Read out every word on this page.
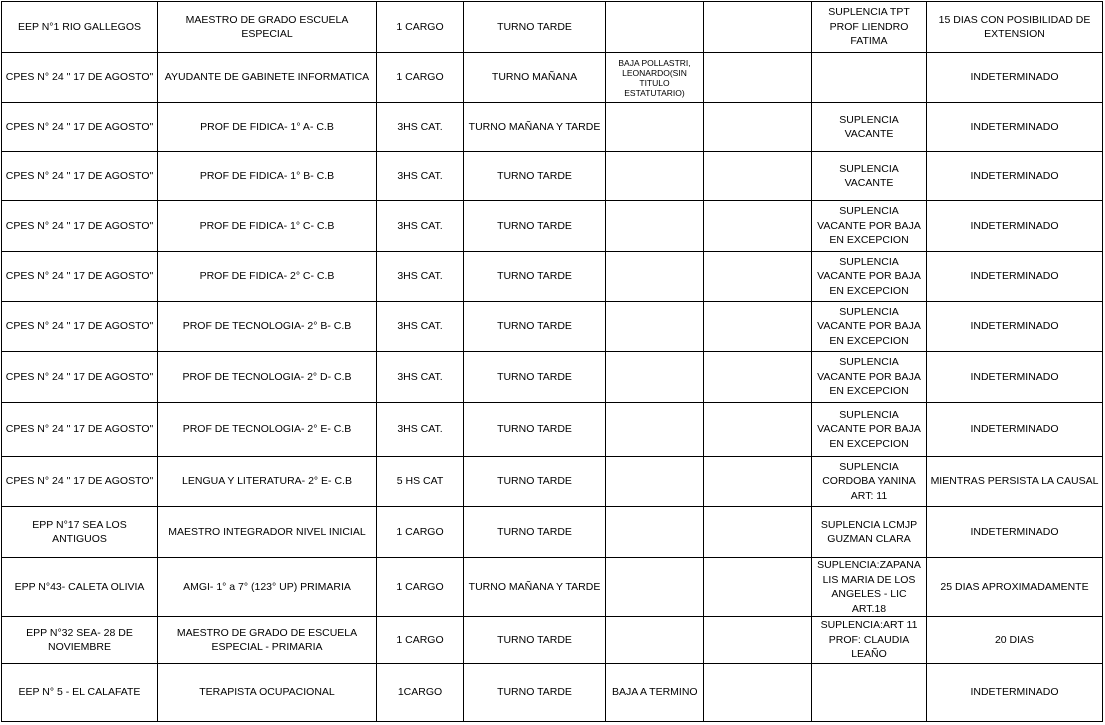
EEP N°1 RIO GALLEGOS	MAESTRO DE GRADO ESCUELA ESPECIAL	1 CARGO	TURNO TARDE			SUPLENCIA TPT PROF LIENDRO FATIMA	15 DIAS CON POSIBILIDAD DE EXTENSION
CPES N° 24 " 17 DE AGOSTO"	AYUDANTE DE GABINETE INFORMATICA	1 CARGO	TURNO MAÑANA	BAJA POLLASTRI, LEONARDO(SIN TITULO ESTATUTARIO)			INDETERMINADO
CPES N° 24 " 17 DE AGOSTO"	PROF DE FIDICA- 1° A- C.B	3HS CAT.	TURNO MAÑANA Y TARDE			SUPLENCIA VACANTE	INDETERMINADO
CPES N° 24 " 17 DE AGOSTO"	PROF DE FIDICA- 1° B- C.B	3HS CAT.	TURNO TARDE			SUPLENCIA VACANTE	INDETERMINADO
CPES N° 24 " 17 DE AGOSTO"	PROF DE FIDICA- 1° C- C.B	3HS CAT.	TURNO TARDE			SUPLENCIA VACANTE POR BAJA EN EXCEPCION	INDETERMINADO
CPES N° 24 " 17 DE AGOSTO"	PROF DE FIDICA- 2° C- C.B	3HS CAT.	TURNO TARDE			SUPLENCIA VACANTE POR BAJA EN EXCEPCION	INDETERMINADO
CPES N° 24 " 17 DE AGOSTO"	PROF DE TECNOLOGIA- 2° B- C.B	3HS CAT.	TURNO TARDE			SUPLENCIA VACANTE POR BAJA EN EXCEPCION	INDETERMINADO
CPES N° 24 " 17 DE AGOSTO"	PROF DE TECNOLOGIA- 2° D- C.B	3HS CAT.	TURNO TARDE			SUPLENCIA VACANTE POR BAJA EN EXCEPCION	INDETERMINADO
CPES N° 24 " 17 DE AGOSTO"	PROF DE TECNOLOGIA- 2° E- C.B	3HS CAT.	TURNO TARDE			SUPLENCIA VACANTE POR BAJA EN EXCEPCION	INDETERMINADO
CPES N° 24 " 17 DE AGOSTO"	LENGUA Y LITERATURA- 2° E- C.B	5 HS CAT	TURNO TARDE			SUPLENCIA CORDOBA YANINA ART: 11	MIENTRAS PERSISTA LA CAUSAL
EPP N°17 SEA LOS ANTIGUOS	MAESTRO INTEGRADOR NIVEL INICIAL	1 CARGO	TURNO TARDE			SUPLENCIA LCMJP GUZMAN CLARA	INDETERMINADO
EPP N°43- CALETA OLIVIA	AMGI- 1° a 7° (123° UP) PRIMARIA	1 CARGO	TURNO MAÑANA Y TARDE			SUPLENCIA:ZAPANA LIS MARIA DE LOS ANGELES - LIC ART.18	25 DIAS APROXIMADAMENTE
EPP N°32 SEA- 28 DE NOVIEMBRE	MAESTRO DE GRADO DE ESCUELA ESPECIAL - PRIMARIA	1 CARGO	TURNO TARDE			SUPLENCIA:ART 11 PROF: CLAUDIA LEAÑO	20 DIAS
EEP N° 5 - EL CALAFATE	TERAPISTA OCUPACIONAL	1CARGO	TURNO TARDE	BAJA A TERMINO			INDETERMINADO
